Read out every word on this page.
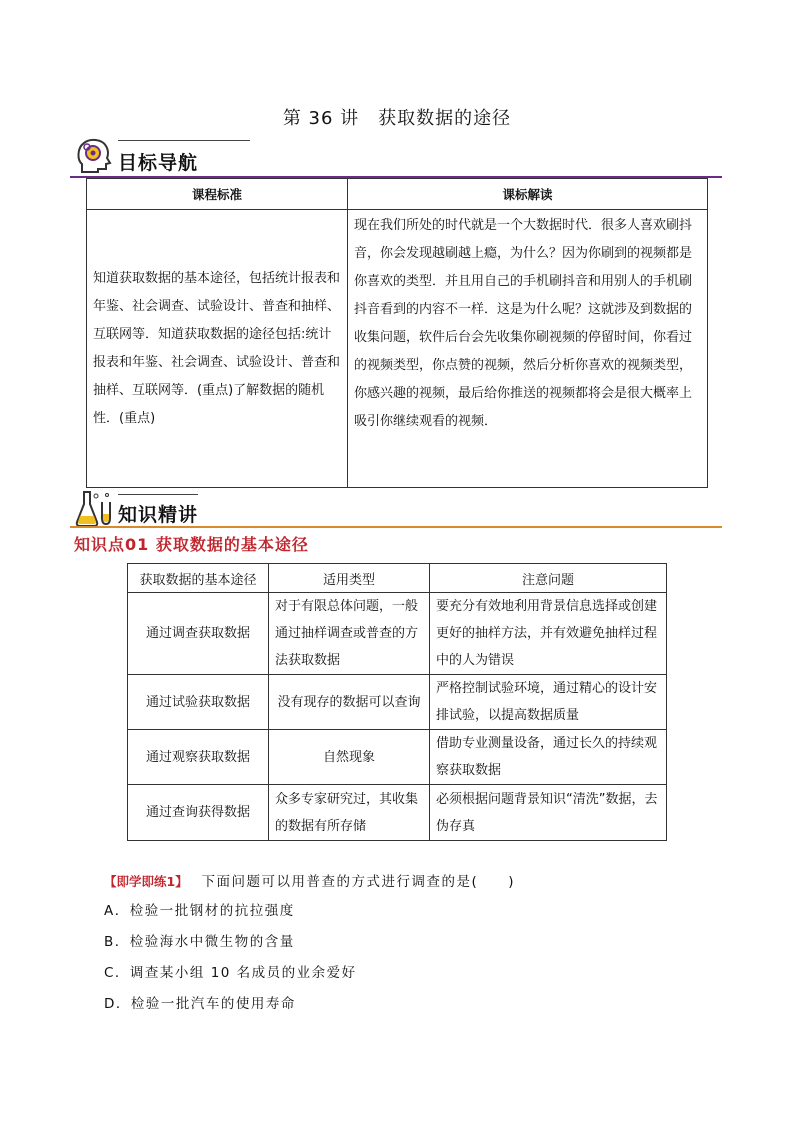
第 36 讲　获取数据的途径
目标导航
课程标准	课标解读
知道获取数据的基本途径，包括统计报表和年鉴、社会调查、试验设计、普查和抽样、互联网等．知道获取数据的途径包括:统计报表和年鉴、社会调查、试验设计、普查和抽样、互联网等．(重点)了解数据的随机性．(重点)	现在我们所处的时代就是一个大数据时代．很多人喜欢刷抖音，你会发现越刷越上瘾，为什么？因为你刷到的视频都是你喜欢的类型．并且用自己的手机刷抖音和用别人的手机刷抖音看到的内容不一样．这是为什么呢？这就涉及到数据的收集问题，软件后台会先收集你刷视频的停留时间，你看过的视频类型，你点赞的视频，然后分析你喜欢的视频类型，你感兴趣的视频，最后给你推送的视频都将会是很大概率上吸引你继续观看的视频．
知识精讲
知识点01 获取数据的基本途径
获取数据的基本途径	适用类型	注意问题
通过调查获取数据	对于有限总体问题，一般通过抽样调查或普查的方法获取数据	要充分有效地利用背景信息选择或创建更好的抽样方法，并有效避免抽样过程中的人为错误
通过试验获取数据	没有现存的数据可以查询	严格控制试验环境，通过精心的设计安排试验，以提高数据质量
通过观察获取数据	自然现象	借助专业测量设备，通过长久的持续观察获取数据
通过查询获得数据	众多专家研究过，其收集的数据有所存储	必须根据问题背景知识“清洗”数据，去伪存真
【即学即练1】 下面问题可以用普查的方式进行调查的是(　　)
A．检验一批钢材的抗拉强度
B．检验海水中微生物的含量
C．调查某小组 10 名成员的业余爱好
D．检验一批汽车的使用寿命
